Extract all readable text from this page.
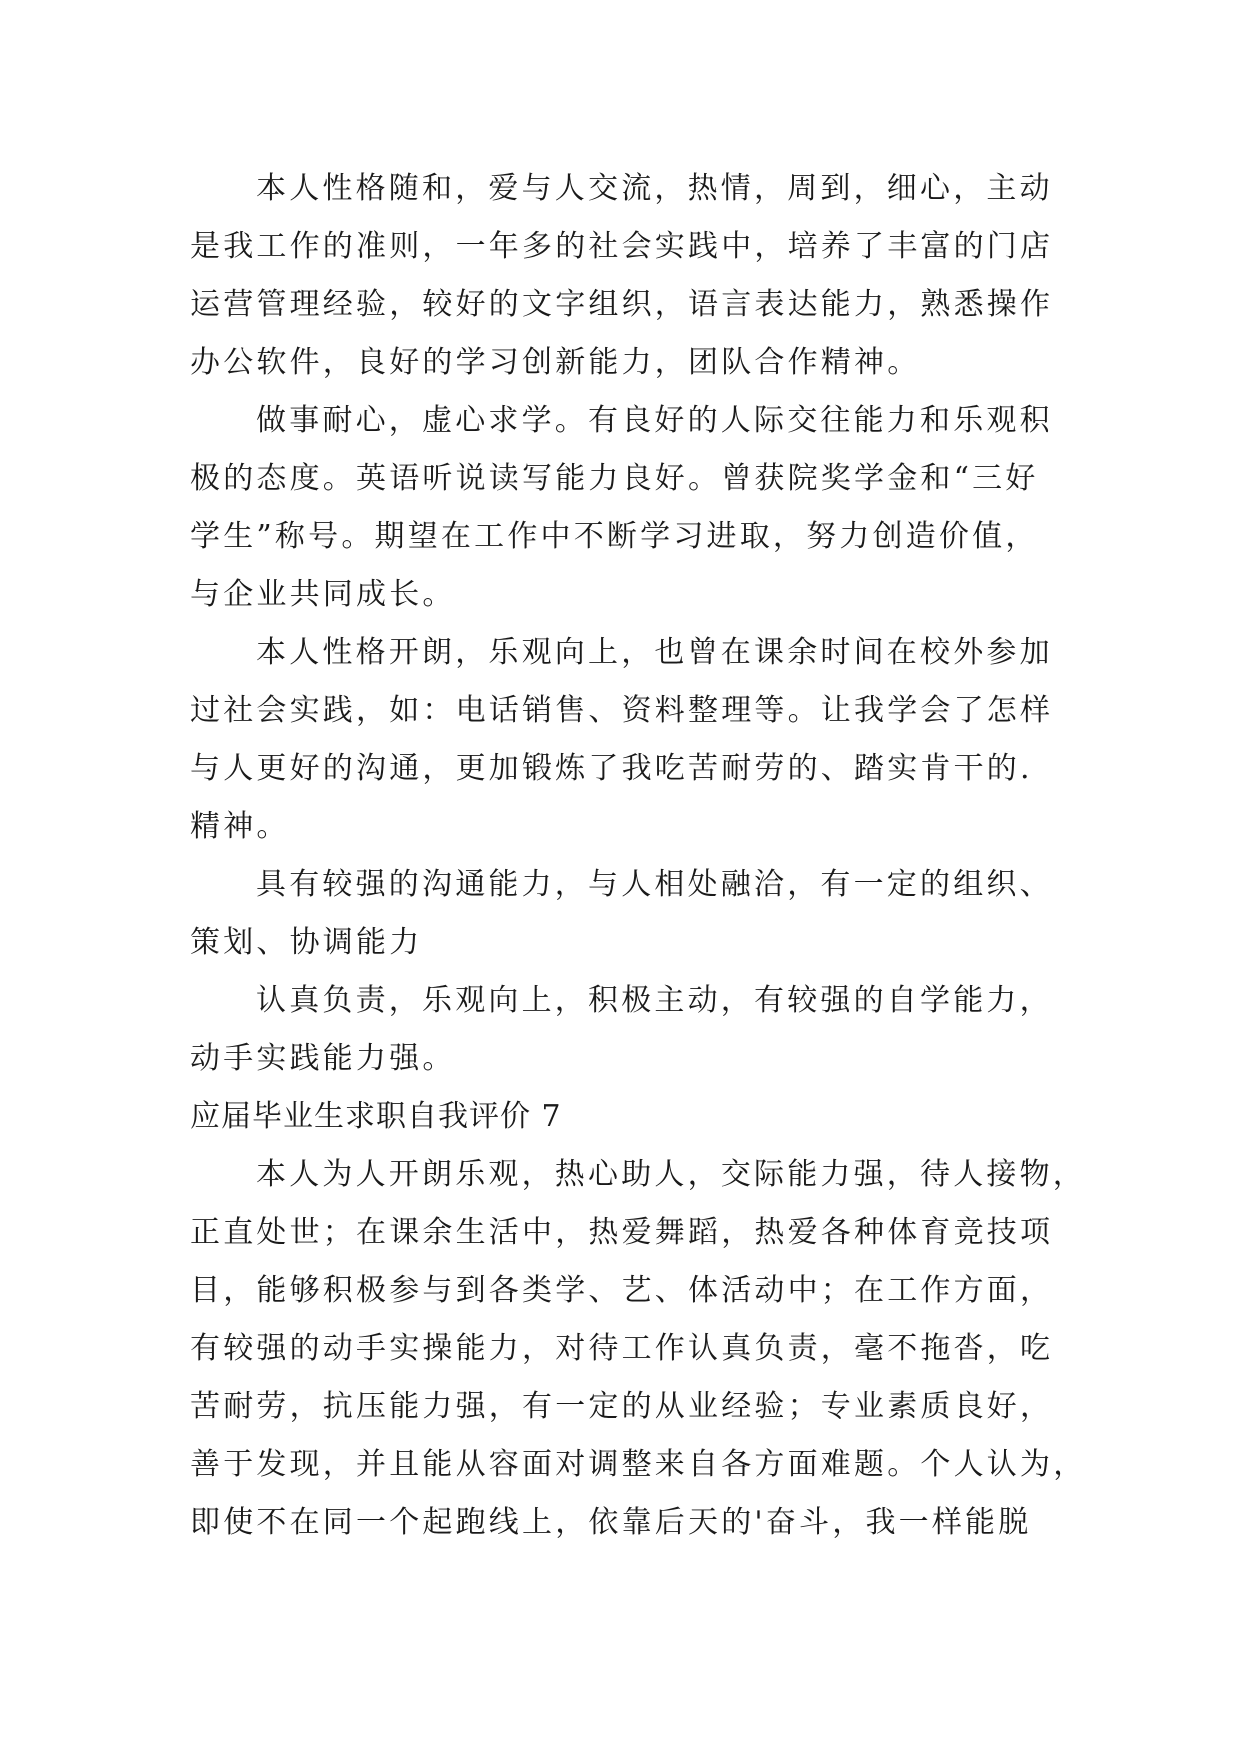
本人性格随和，爱与人交流，热情，周到，细心，主动
是我工作的准则，一年多的社会实践中，培养了丰富的门店
运营管理经验，较好的文字组织，语言表达能力，熟悉操作
办公软件，良好的学习创新能力，团队合作精神。
做事耐心，虚心求学。有良好的人际交往能力和乐观积
极的态度。英语听说读写能力良好。曾获院奖学金和“三好
学生”称号。期望在工作中不断学习进取，努力创造价值，
与企业共同成长。
本人性格开朗，乐观向上，也曾在课余时间在校外参加
过社会实践，如：电话销售、资料整理等。让我学会了怎样
与人更好的沟通，更加锻炼了我吃苦耐劳的、踏实肯干的.
精神。
具有较强的沟通能力，与人相处融洽，有一定的组织、
策划、协调能力
认真负责，乐观向上，积极主动，有较强的自学能力，
动手实践能力强。
应届毕业生求职自我评价 7
本人为人开朗乐观，热心助人，交际能力强，待人接物，
正直处世；在课余生活中，热爱舞蹈，热爱各种体育竞技项
目，能够积极参与到各类学、艺、体活动中；在工作方面，
有较强的动手实操能力，对待工作认真负责，毫不拖沓，吃
苦耐劳，抗压能力强，有一定的从业经验；专业素质良好，
善于发现，并且能从容面对调整来自各方面难题。个人认为，
即使不在同一个起跑线上，依靠后天的'奋斗，我一样能脱
